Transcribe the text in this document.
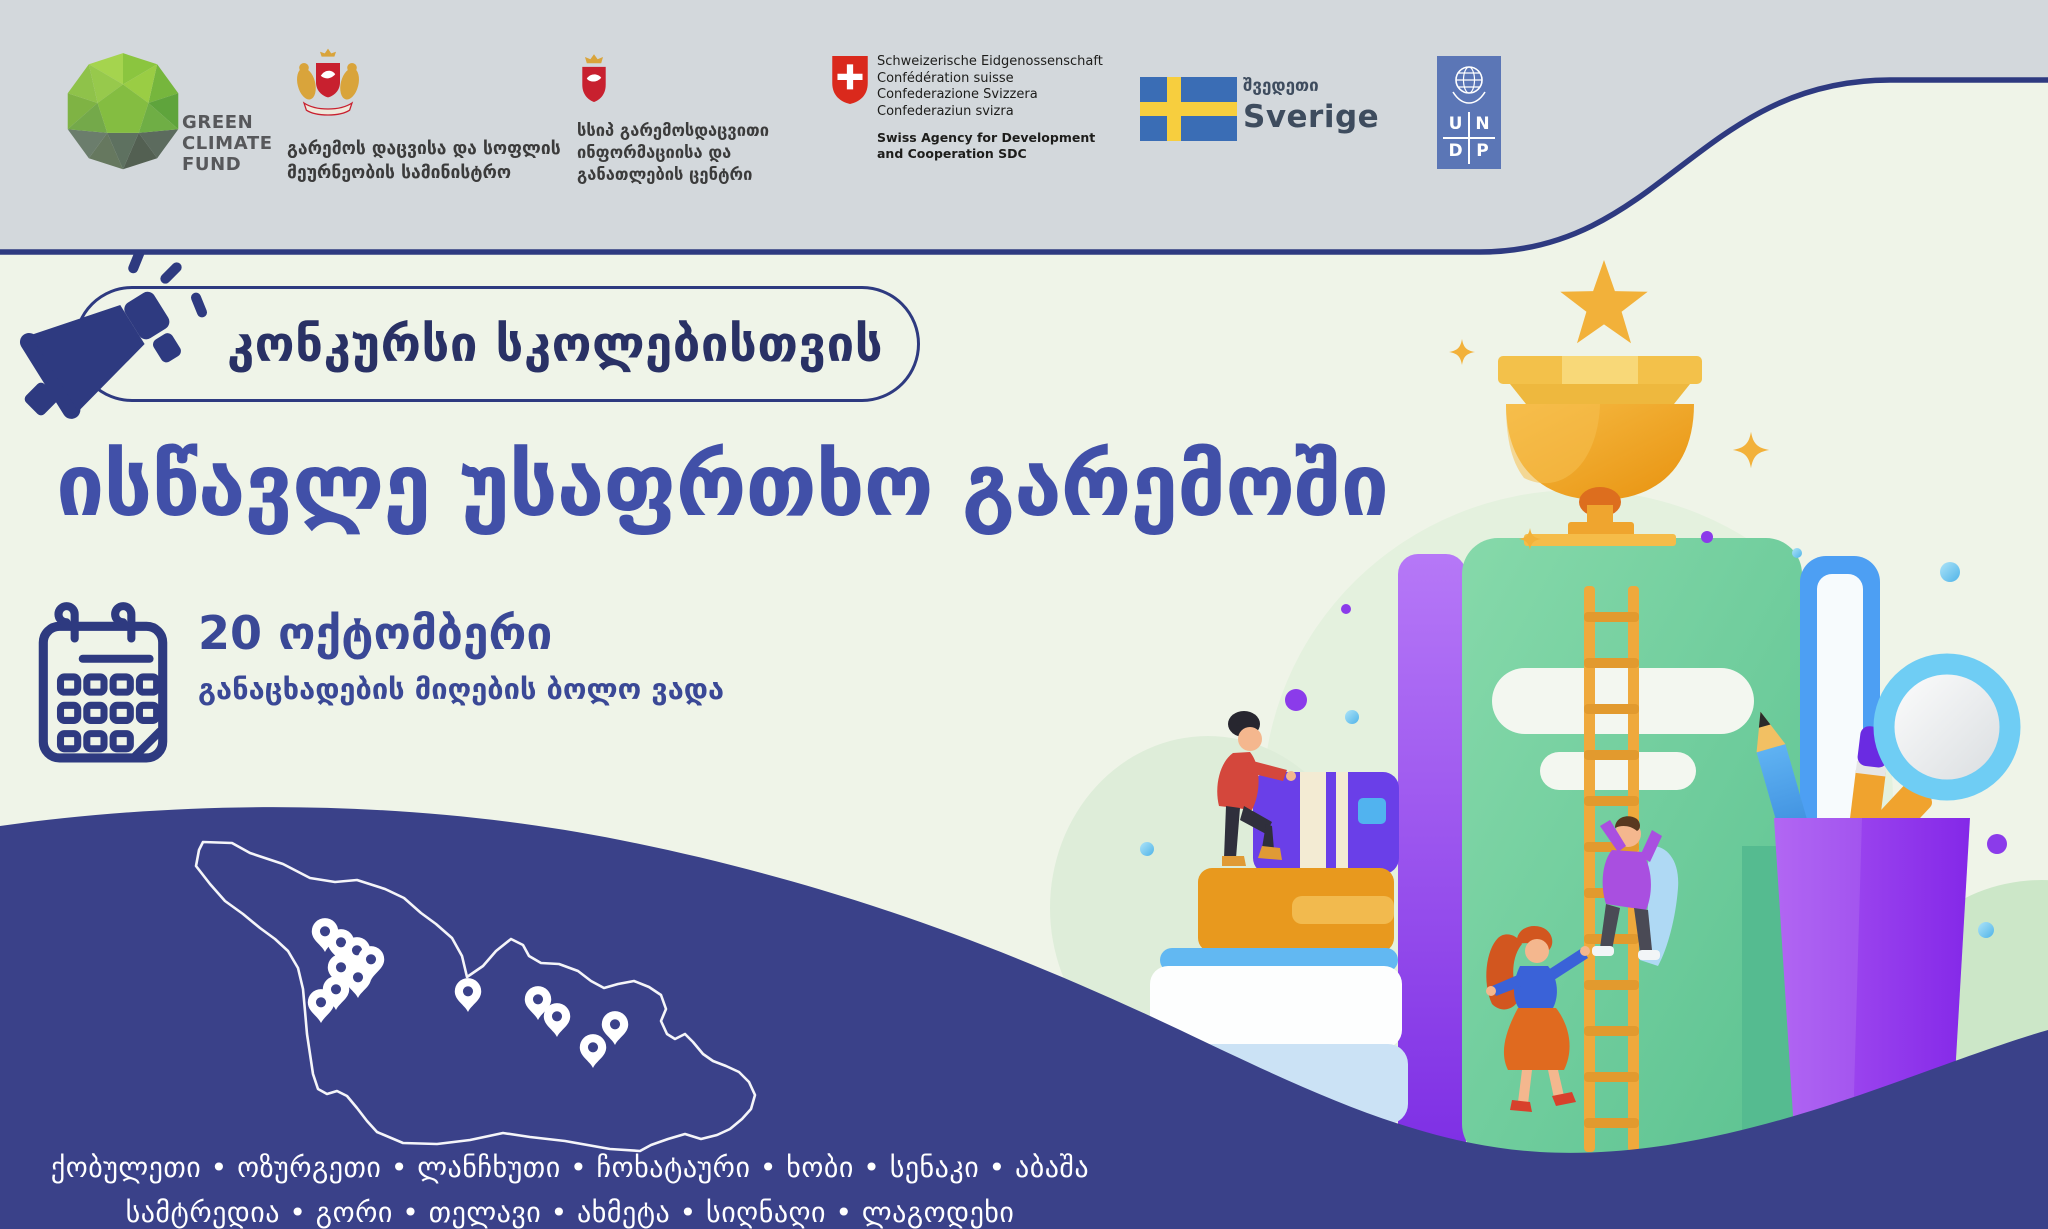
GREEN
CLIMATE
FUND
გარემოს დაცვისა და სოფლის
მეურნეობის სამინისტრო
სსიპ გარემოსდაცვითი
ინფორმაციისა და
განათლების ცენტრი
Schweizerische Eidgenossenschaft
Confédération suisse
Confederazione Svizzera
Confederaziun svizra
Swiss Agency for Development
and Cooperation SDC
შვედეთი
Sverige	U N
D P
კონკურსი სკოლებისთვის
ისწავლე უსაფრთხო გარემოში
20 ოქტომბერი
განაცხადების მიღების ბოლო ვადა
ქობულეთი • ოზურგეთი • ლანჩხუთი • ჩოხატაური • ხობი • სენაკი • აბაშა
სამტრედია • გორი • თელავი • ახმეტა • სიღნაღი • ლაგოდეხი
